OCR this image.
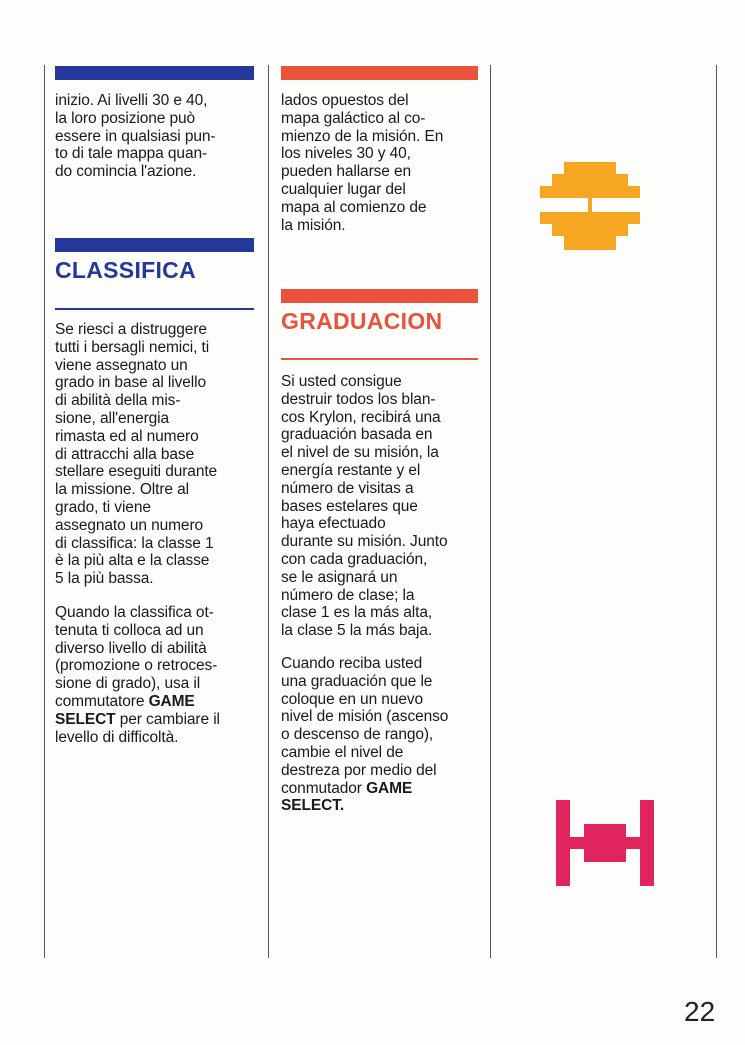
inizio. Ai livelli 30 e 40,
la loro posizione può
essere in qualsiasi pun-
to di tale mappa quan-
do comincia l'azione.

CLASSIFICA

Se riesci a distruggere
tutti i bersagli nemici, ti
viene assegnato un
grado in base al livello
di abilità della mis-
sione, all'energia
rimasta ed al numero
di attracchi alla base
stellare eseguiti durante
la missione. Oltre al
grado, ti viene
assegnato un numero
di classifica: la classe 1
è la più alta e la classe
5 la più bassa.

Quando la classifica ot-
tenuta ti colloca ad un
diverso livello di abilità
(promozione o retroces-
sione di grado), usa il
commutatore GAME
SELECT per cambiare il
levello di difficoltà.

lados opuestos del
mapa galáctico al co-
mienzo de la misión. En
los niveles 30 y 40,
pueden hallarse en
cualquier lugar del
mapa al comienzo de
la misión.

GRADUACION

Si usted consigue
destruir todos los blan-
cos Krylon, recibirá una
graduación basada en
el nivel de su misión, la
energía restante y el
número de visitas a
bases estelares que
haya efectuado
durante su misión. Junto
con cada graduación,
se le asignará un
número de clase; la
clase 1 es la más alta,
la clase 5 la más baja.

Cuando reciba usted
una graduación que le
coloque en un nuevo
nivel de misión (ascenso
o descenso de rango),
cambie el nivel de
destreza por medio del
conmutador GAME
SELECT.

22
